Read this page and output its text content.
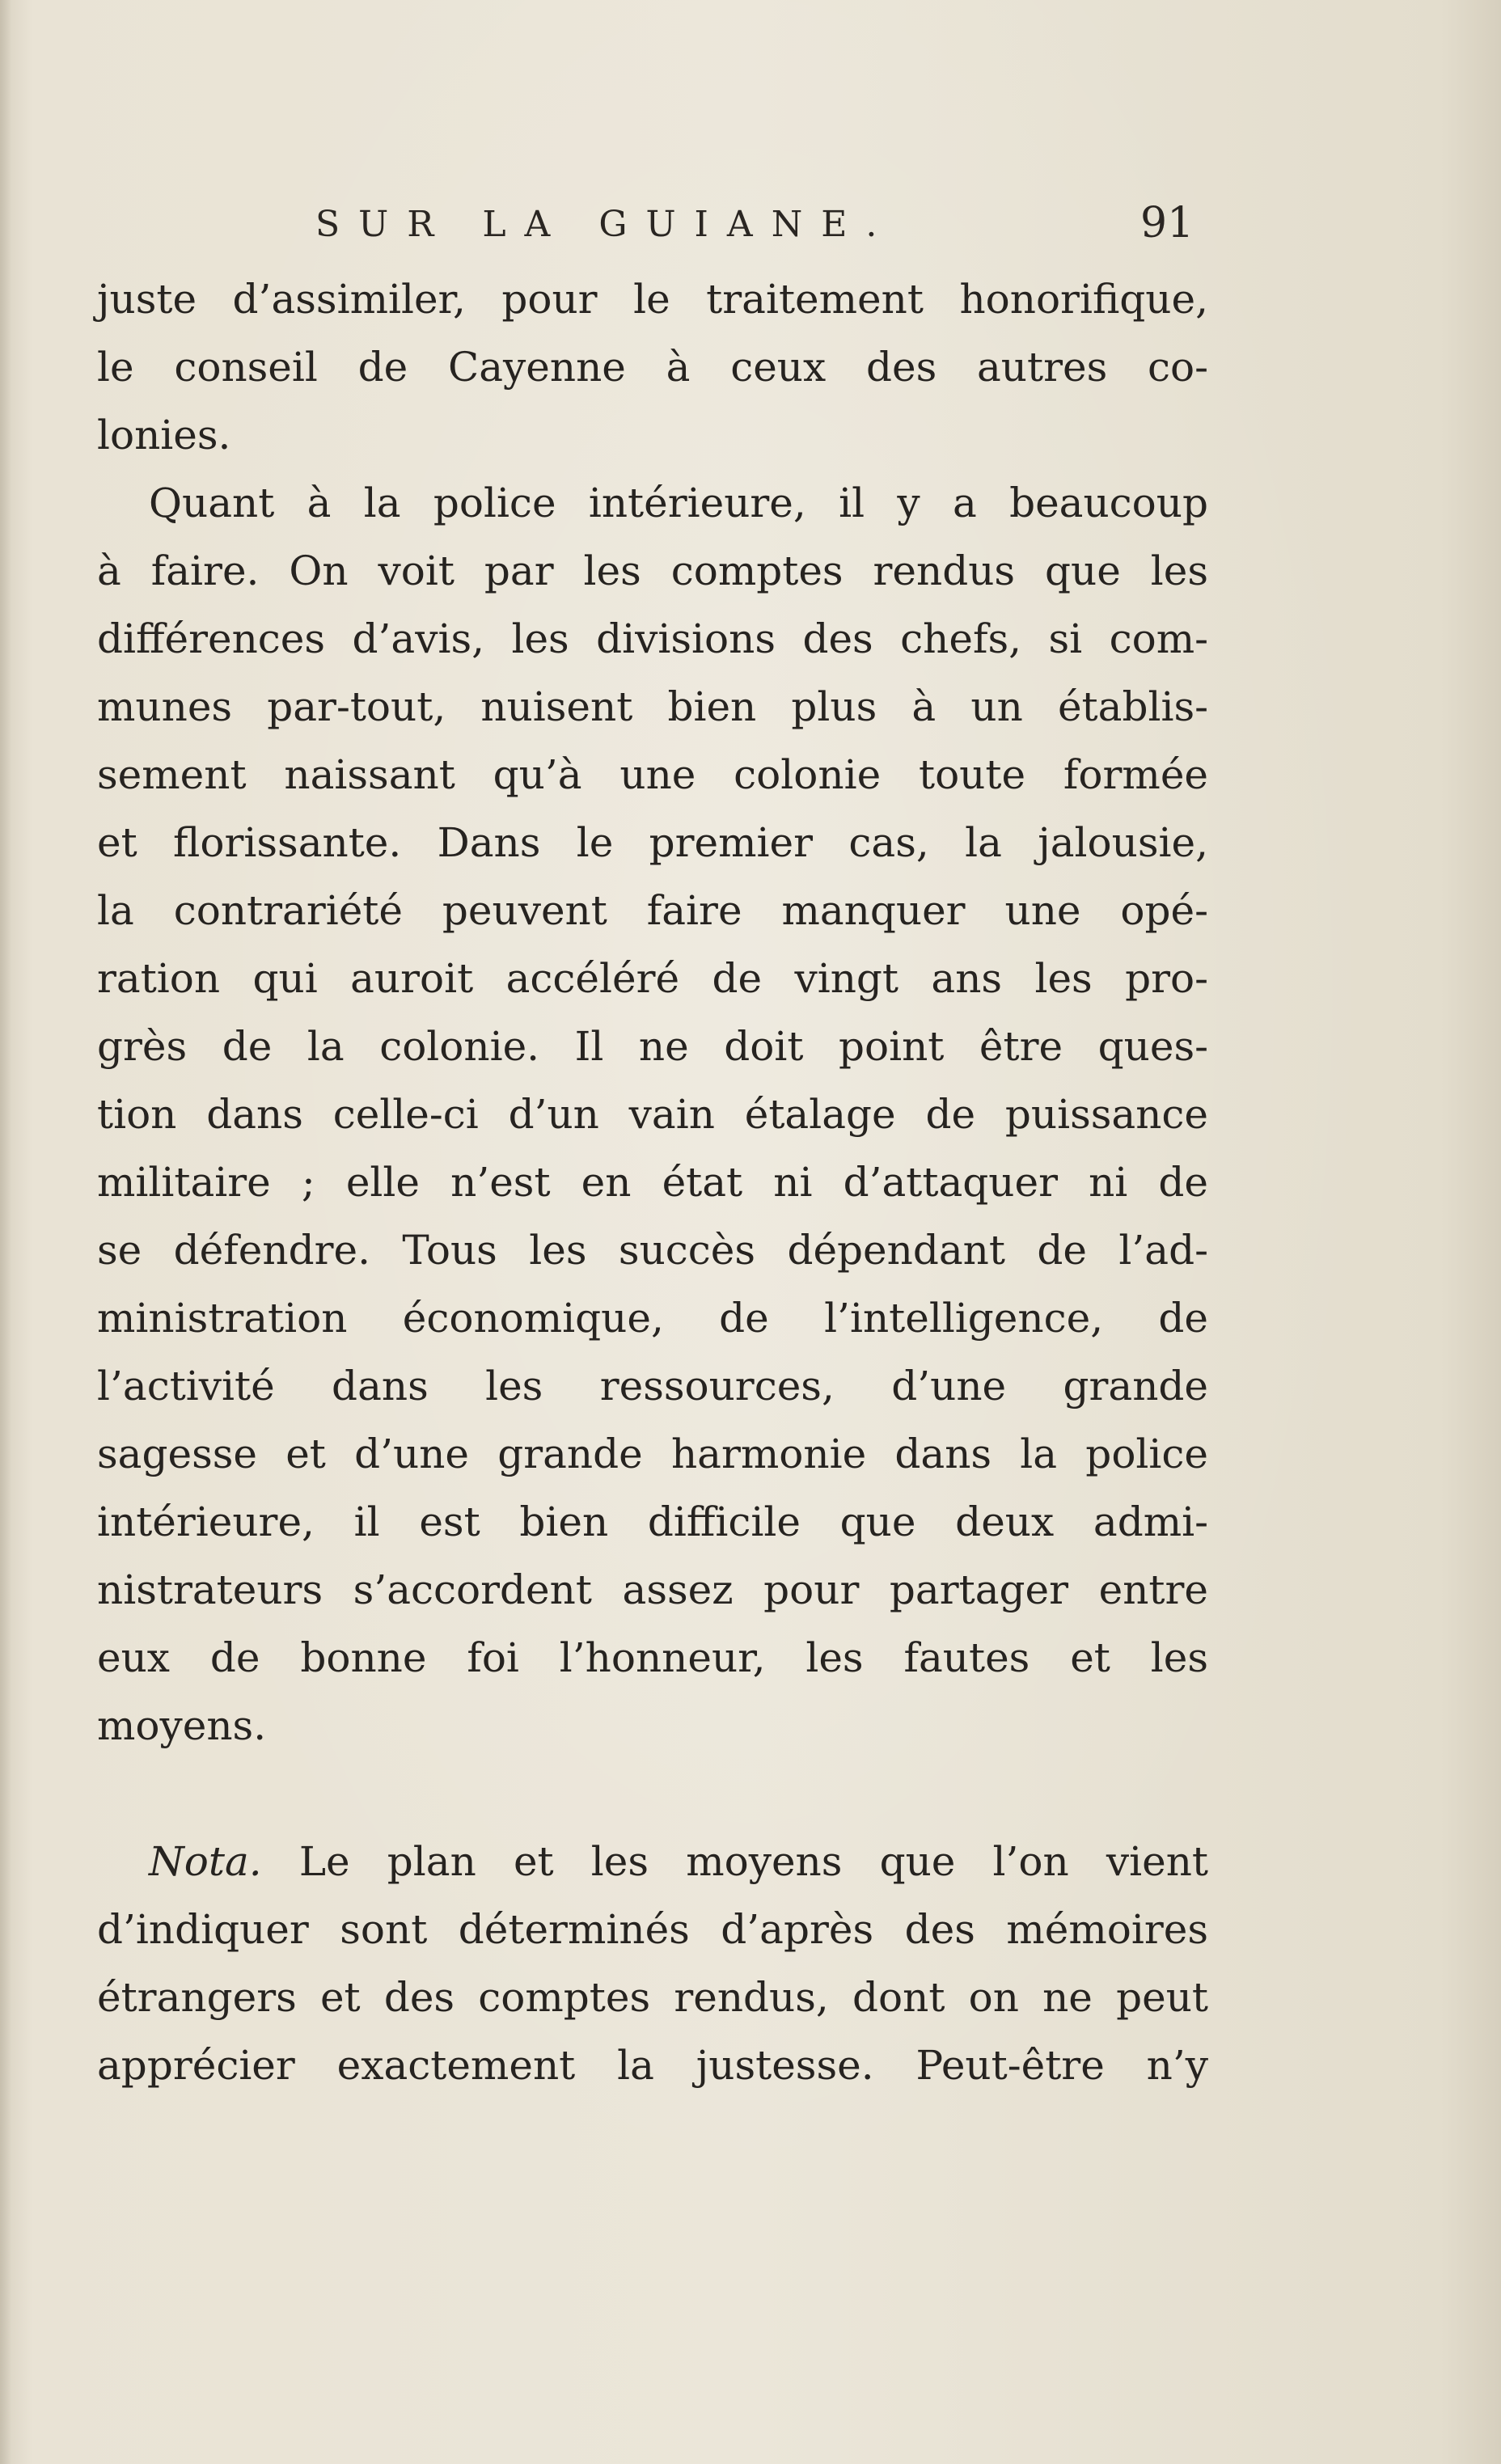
SUR LA GUIANE.	91
juste d’assimiler, pour le traitement honorifique,
le conseil de Cayenne à ceux des autres co-
lonies.
Quant à la police intérieure, il y a beaucoup
à faire. On voit par les comptes rendus que les
différences d’avis, les divisions des chefs, si com-
munes par-tout, nuisent bien plus à un établis-
sement naissant qu’à une colonie toute formée
et florissante. Dans le premier cas, la jalousie,
la contrariété peuvent faire manquer une opé-
ration qui auroit accéléré de vingt ans les pro-
grès de la colonie. Il ne doit point être ques-
tion dans celle-ci d’un vain étalage de puissance
militaire ; elle n’est en état ni d’attaquer ni de
se défendre. Tous les succès dépendant de l’ad-
ministration économique, de l’intelligence, de
l’activité dans les ressources, d’une grande
sagesse et d’une grande harmonie dans la police
intérieure, il est bien difficile que deux admi-
nistrateurs s’accordent assez pour partager entre
eux de bonne foi l’honneur, les fautes et les
moyens.
Nota. Le plan et les moyens que l’on vient
d’indiquer sont déterminés d’après des mémoires
étrangers et des comptes rendus, dont on ne peut
apprécier exactement la justesse. Peut-être n’y
